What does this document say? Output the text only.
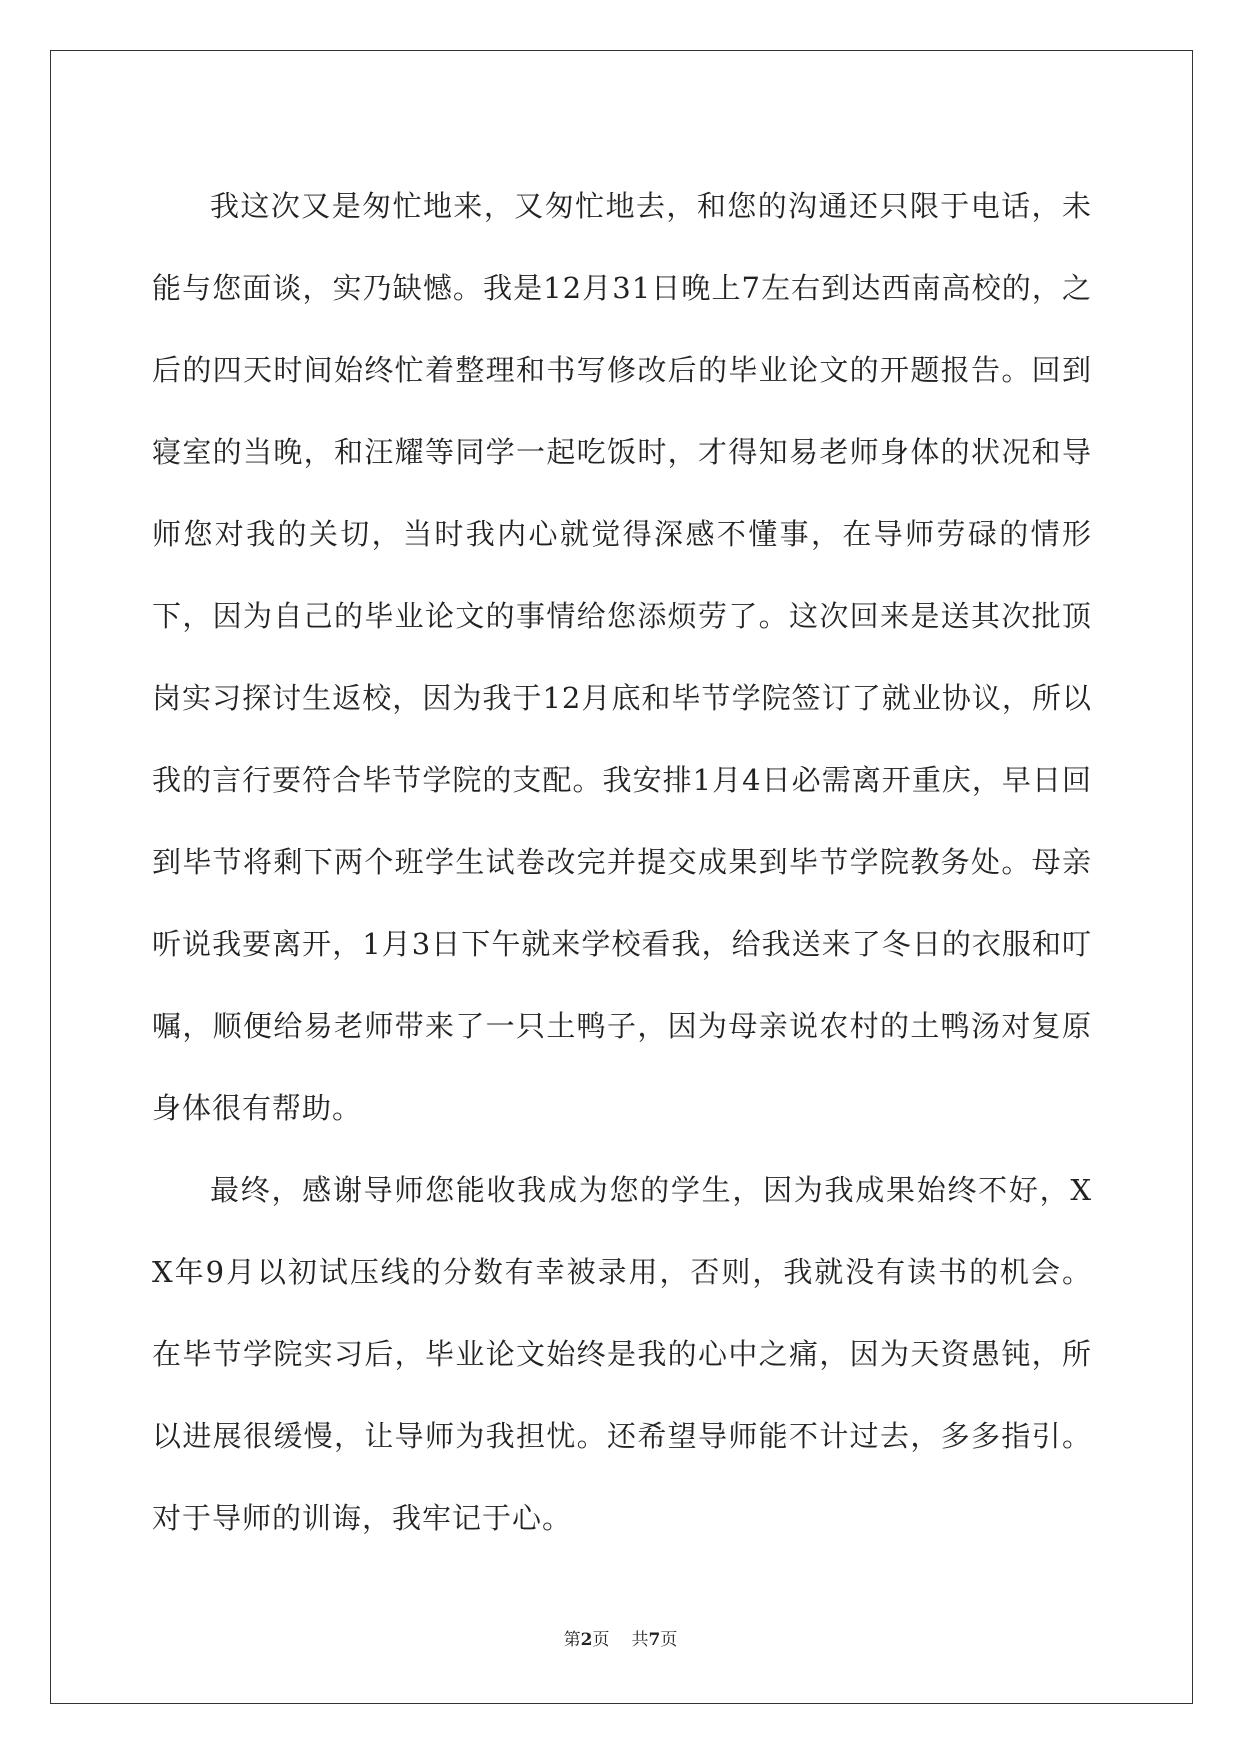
我这次又是匆忙地来，又匆忙地去，和您的沟通还只限于电话，未能与您面谈，实乃缺憾。我是12月31日晚上7左右到达西南高校的，之后的四天时间始终忙着整理和书写修改后的毕业论文的开题报告。回到寝室的当晚，和汪耀等同学一起吃饭时，才得知易老师身体的状况和导师您对我的关切，当时我内心就觉得深感不懂事，在导师劳碌的情形下，因为自己的毕业论文的事情给您添烦劳了。这次回来是送其次批顶岗实习探讨生返校，因为我于12月底和毕节学院签订了就业协议，所以我的言行要符合毕节学院的支配。我安排1月4日必需离开重庆，早日回到毕节将剩下两个班学生试卷改完并提交成果到毕节学院教务处。母亲听说我要离开，1月3日下午就来学校看我，给我送来了冬日的衣服和叮嘱，顺便给易老师带来了一只土鸭子，因为母亲说农村的土鸭汤对复原身体很有帮助。

最终，感谢导师您能收我成为您的学生，因为我成果始终不好，XX年9月以初试压线的分数有幸被录用，否则，我就没有读书的机会。在毕节学院实习后，毕业论文始终是我的心中之痛，因为天资愚钝，所以进展很缓慢，让导师为我担忧。还希望导师能不计过去，多多指引。对于导师的训诲，我牢记于心。

第2页 共7页
